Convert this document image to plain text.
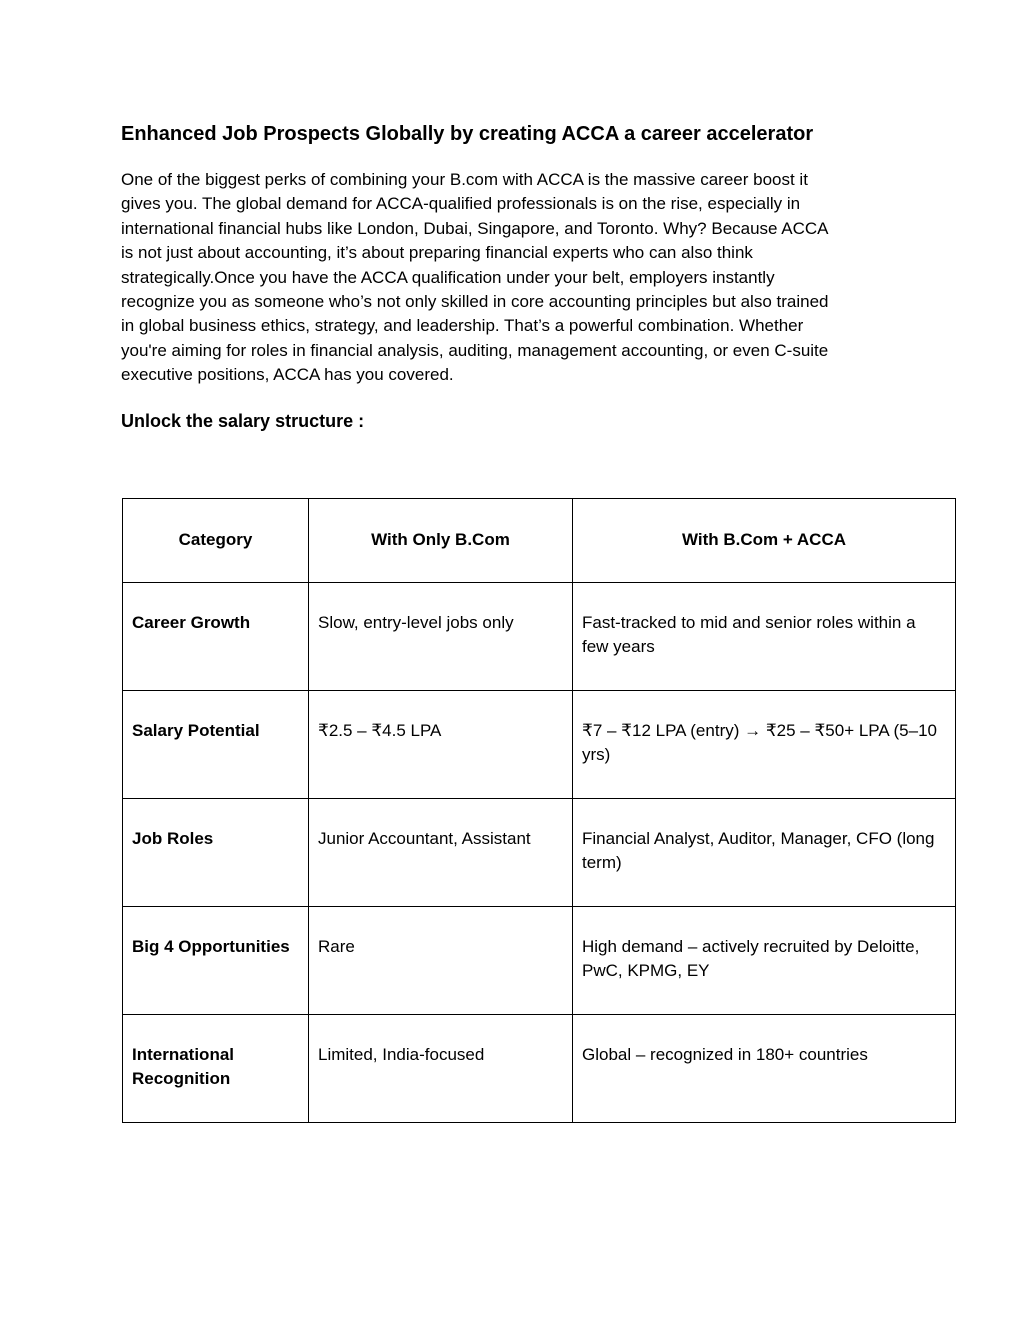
Enhanced Job Prospects Globally by creating ACCA a career accelerator

One of the biggest perks of combining your B.com with ACCA is the massive career boost it
gives you. The global demand for ACCA-qualified professionals is on the rise, especially in
international financial hubs like London, Dubai, Singapore, and Toronto. Why? Because ACCA
is not just about accounting, it’s about preparing financial experts who can also think
strategically.Once you have the ACCA qualification under your belt, employers instantly
recognize you as someone who’s not only skilled in core accounting principles but also trained
in global business ethics, strategy, and leadership. That’s a powerful combination. Whether
you're aiming for roles in financial analysis, auditing, management accounting, or even C-suite
executive positions, ACCA has you covered.

Unlock the salary structure :
Category	With Only B.Com	With B.Com + ACCA
Career Growth	Slow, entry-level jobs only	Fast-tracked to mid and senior roles within a few years
Salary Potential	₹2.5 – ₹4.5 LPA	₹7 – ₹12 LPA (entry) → ₹25 – ₹50+ LPA (5–10 yrs)
Job Roles	Junior Accountant, Assistant	Financial Analyst, Auditor, Manager, CFO (long term)
Big 4 Opportunities	Rare	High demand – actively recruited by Deloitte, PwC, KPMG, EY
International Recognition	Limited, India-focused	Global – recognized in 180+ countries
